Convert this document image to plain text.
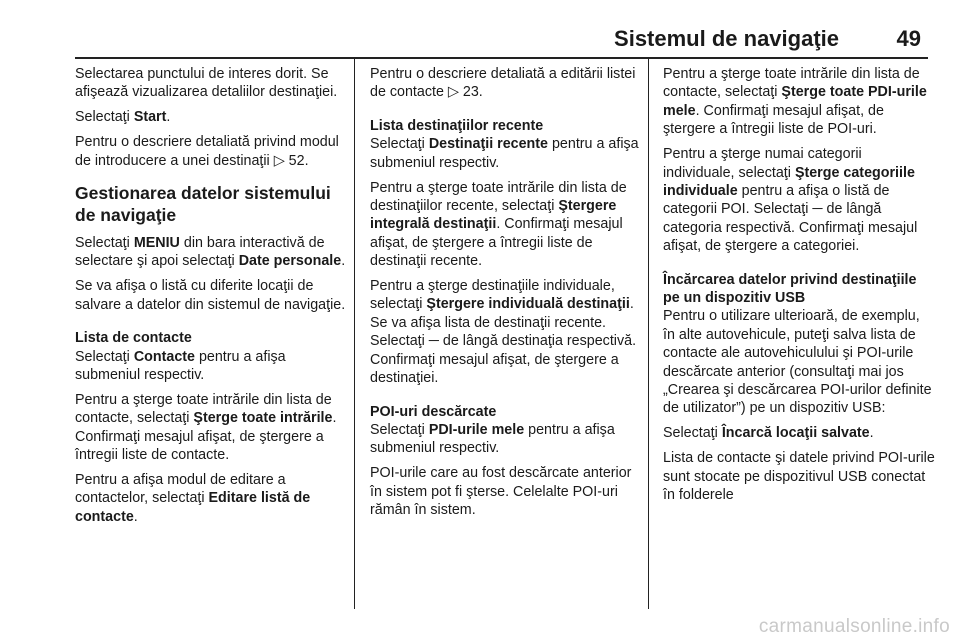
Sistemul de navigaţie	49

Selectarea punctului de interes dorit. Se afişează vizualizarea detaliilor destinaţiei.

Selectaţi Start.

Pentru o descriere detaliată privind modul de introducere a unei destinaţii ▷ 52.

Gestionarea datelor sistemului de navigaţie

Selectaţi MENIU din bara interactivă de selectare şi apoi selectaţi Date personale.

Se va afişa o listă cu diferite locaţii de salvare a datelor din sistemul de navigaţie.

Lista de contacte

Selectaţi Contacte pentru a afişa submeniul respectiv.

Pentru a şterge toate intrările din lista de contacte, selectaţi Şterge toate intrările. Confirmaţi mesajul afişat, de ştergere a întregii liste de contacte.

Pentru a afişa modul de editare a contactelor, selectaţi Editare listă de contacte.

Pentru o descriere detaliată a editării listei de contacte ▷ 23.

Lista destinaţiilor recente

Selectaţi Destinaţii recente pentru a afişa submeniul respectiv.

Pentru a şterge toate intrările din lista de destinaţiilor recente, selectaţi Ştergere integrală destinaţii. Confirmaţi mesajul afişat, de ştergere a întregii liste de destinaţii recente.

Pentru a şterge destinaţiile individuale, selectaţi Ştergere individuală destinaţii. Se va afişa lista de destinaţii recente. Selectaţi ─ de lângă destinaţia respectivă. Confirmaţi mesajul afişat, de ştergere a destinaţiei.

POI-uri descărcate

Selectaţi PDI-urile mele pentru a afişa submeniul respectiv.

POI-urile care au fost descărcate anterior în sistem pot fi şterse. Celelalte POI-uri rămân în sistem.

Pentru a şterge toate intrările din lista de contacte, selectaţi Şterge toate PDI-urile mele. Confirmaţi mesajul afişat, de ştergere a întregii liste de POI-uri.

Pentru a şterge numai categorii individuale, selectaţi Şterge categoriile individuale pentru a afişa o listă de categorii POI. Selectaţi ─ de lângă categoria respectivă. Confirmaţi mesajul afişat, de ştergere a categoriei.

Încărcarea datelor privind destinaţiile pe un dispozitiv USB

Pentru o utilizare ulterioară, de exemplu, în alte autovehicule, puteţi salva lista de contacte ale autovehiculului şi POI-urile descărcate anterior (consultaţi mai jos „Crearea şi descărcarea POI-urilor definite de utilizator”) pe un dispozitiv USB:

Selectaţi Încarcă locaţii salvate.

Lista de contacte şi datele privind POI-urile sunt stocate pe dispozitivul USB conectat în folderele

carmanualsonline.info
